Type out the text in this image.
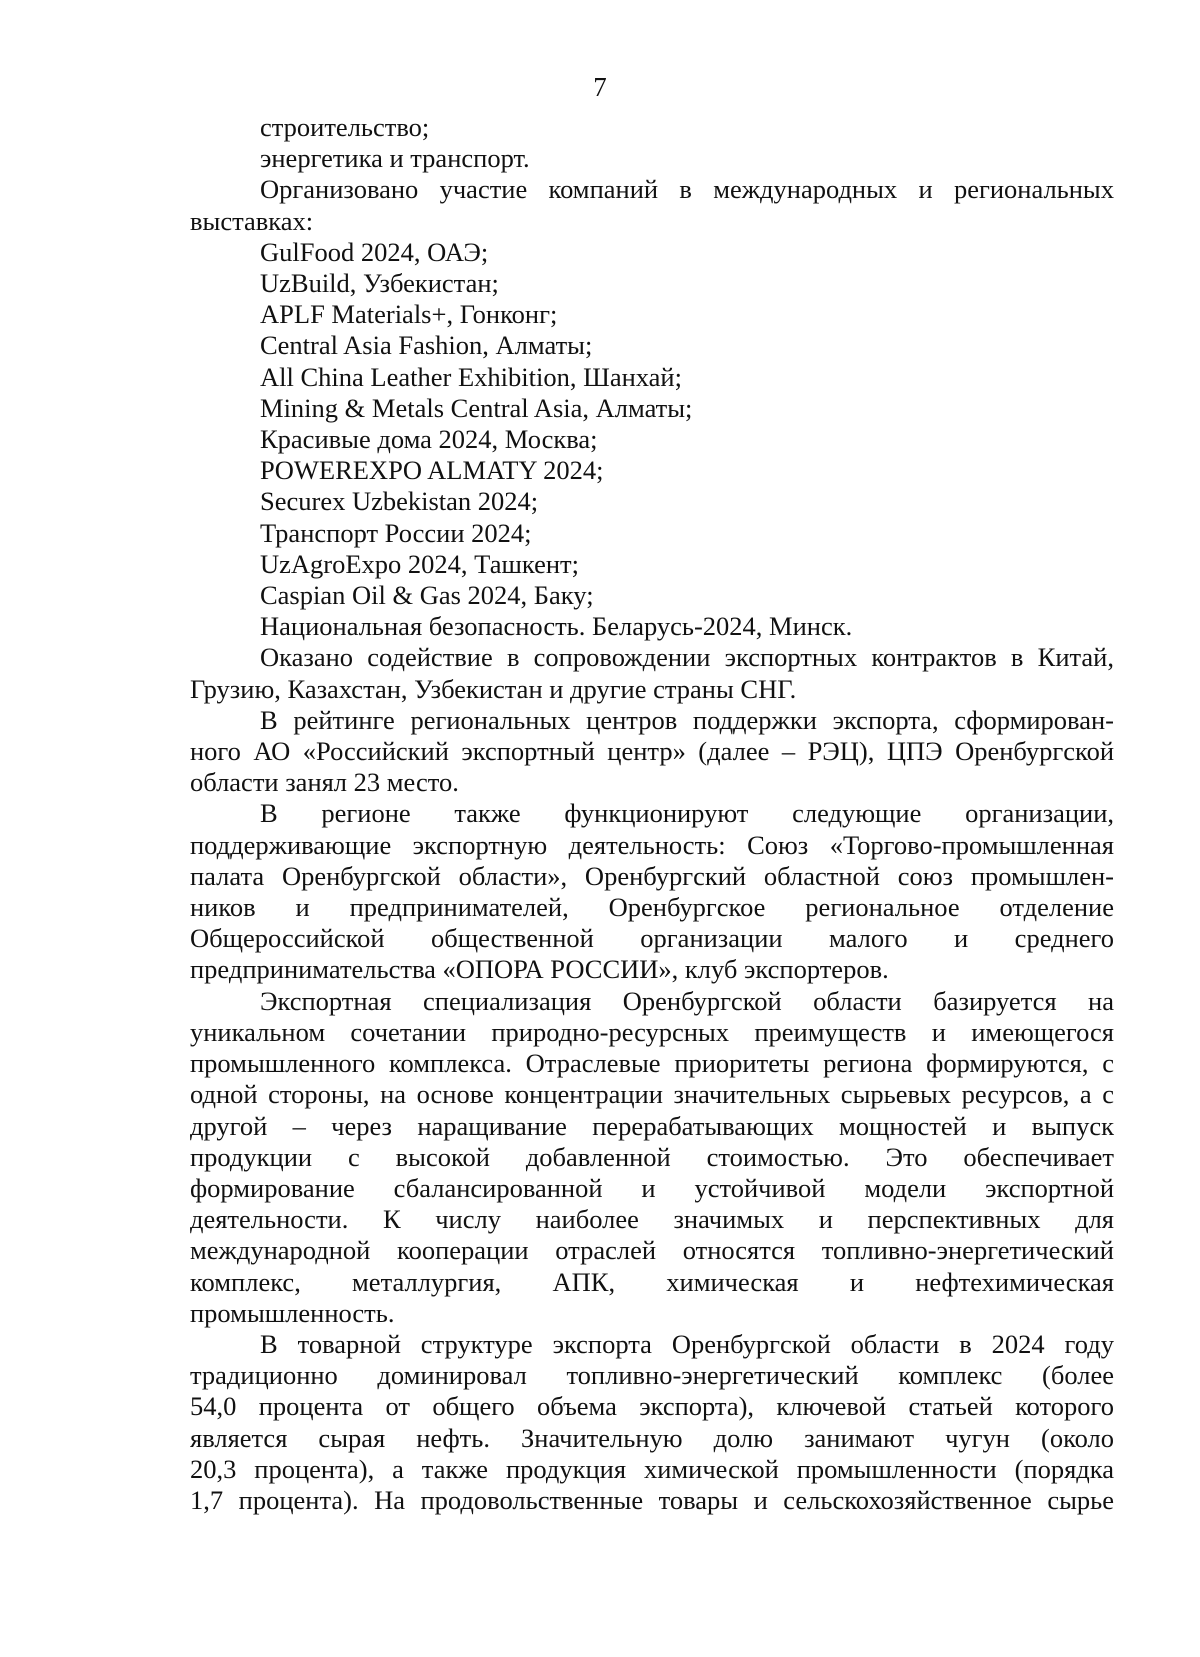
7

строительство;

энергетика и транспорт.

Организовано участие компаний в международных и региональных

выставках:

GulFood 2024, ОАЭ;

UzBuild, Узбекистан;

APLF Materials+, Гонконг;

Central Asia Fashion, Алматы;

All China Leather Exhibition, Шанхай;

Mining & Metals Central Asia, Алматы;

Красивые дома 2024, Москва;

POWEREXPO ALMATY 2024;

Securex Uzbekistan 2024;

Транспорт России 2024;

UzAgroExpo 2024, Ташкент;

Caspian Oil & Gas 2024, Баку;

Национальная безопасность. Беларусь-2024, Минск.

Оказано содействие в сопровождении экспортных контрактов в Китай,

Грузию, Казахстан, Узбекистан и другие страны СНГ.

В рейтинге региональных центров поддержки экспорта, сформирован-

ного АО «Российский экспортный центр» (далее – РЭЦ), ЦПЭ Оренбургской

области занял 23 место.

В регионе также функционируют следующие организации,

поддерживающие экспортную деятельность: Союз «Торгово-промышленная

палата Оренбургской области», Оренбургский областной союз промышлен-

ников и предпринимателей, Оренбургское региональное отделение

Общероссийской общественной организации малого и среднего

предпринимательства «ОПОРА РОССИИ», клуб экспортеров.

Экспортная специализация Оренбургской области базируется на

уникальном сочетании природно-ресурсных преимуществ и имеющегося

промышленного комплекса. Отраслевые приоритеты региона формируются, с

одной стороны, на основе концентрации значительных сырьевых ресурсов, а с

другой – через наращивание перерабатывающих мощностей и выпуск

продукции с высокой добавленной стоимостью. Это обеспечивает

формирование сбалансированной и устойчивой модели экспортной

деятельности. К числу наиболее значимых и перспективных для

международной кооперации отраслей относятся топливно-энергетический

комплекс, металлургия, АПК, химическая и нефтехимическая

промышленность.

В товарной структуре экспорта Оренбургской области в 2024 году

традиционно доминировал топливно-энергетический комплекс (более

54,0 процента от общего объема экспорта), ключевой статьей которого

является сырая нефть. Значительную долю занимают чугун (около

20,3 процента), а также продукция химической промышленности (порядка

1,7 процента). На продовольственные товары и сельскохозяйственное сырье
